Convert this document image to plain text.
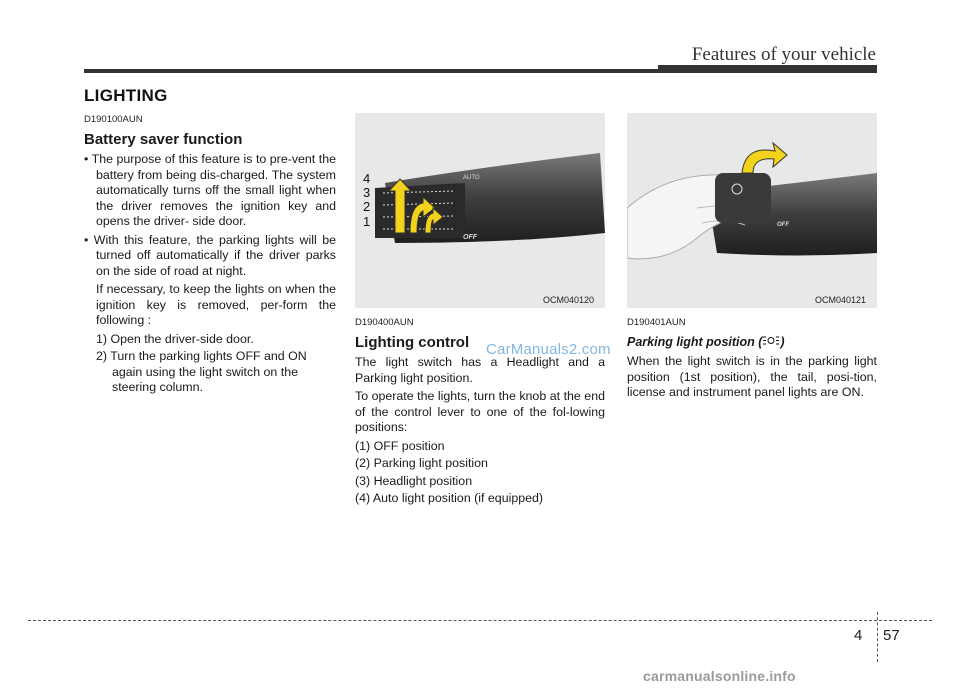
Features of your vehicle
LIGHTING

D190100AUN

Battery saver function

• The purpose of this feature is to pre-vent the battery from being dis-charged. The system automatically turns off the small light when the driver removes the ignition key and opens the driver- side door.

• With this feature, the parking lights will be turned off automatically if the driver parks on the side of road at night.

If necessary, to keep the lights on when the ignition key is removed, per-form the following :

1) Open the driver-side door.

2) Turn the parking lights OFF and ON again using the light switch on the steering column.

AUTO
OFF
4
3
2
1
OCM040120

D190400AUN

Lighting control

The light switch has a Headlight and a Parking light position.

To operate the lights, turn the knob at the end of the control lever to one of the fol-lowing positions:

(1) OFF position

(2) Parking light position

(3) Headlight position

(4) Auto light position (if equipped)

OFF
OCM040121

D190401AUN

Parking light position ( )

When the light switch is in the parking light position (1st position), the tail, posi-tion, license and instrument panel lights are ON.

CarManuals2.com
4 57
carmanualsonline.info
